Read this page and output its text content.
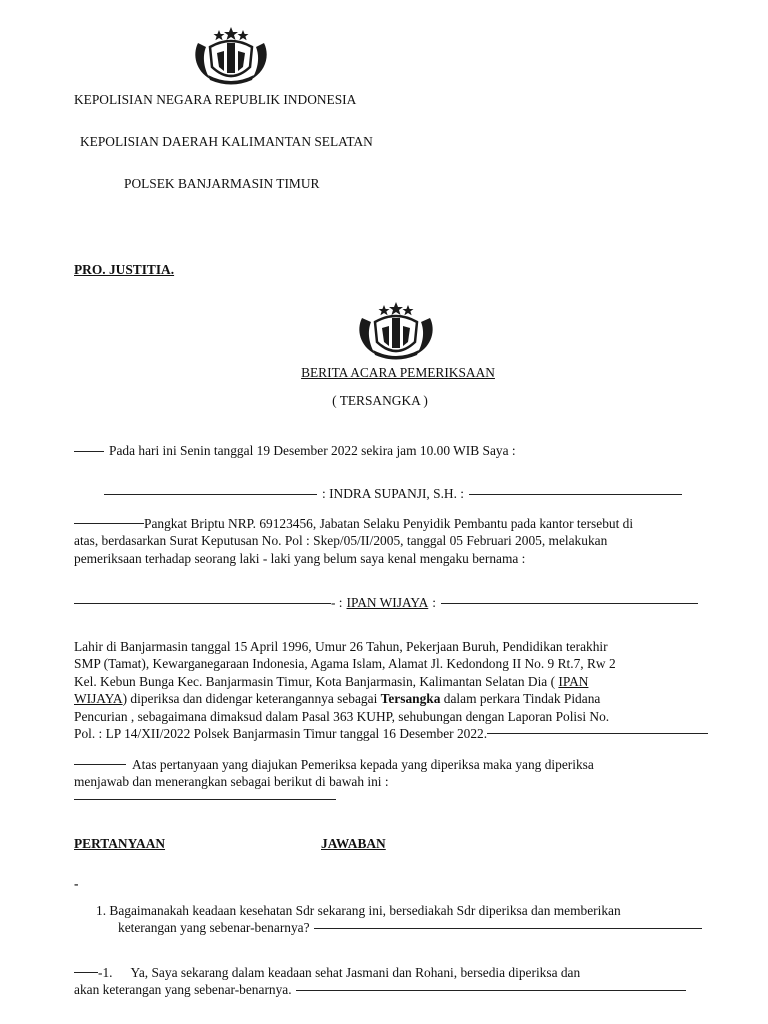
KEPOLISIAN NEGARA REPUBLIK INDONESIA
KEPOLISIAN DAERAH KALIMANTAN SELATAN
POLSEK BANJARMASIN TIMUR
PRO. JUSTITIA.
BERITA ACARA PEMERIKSAAN
( TERSANGKA )
Pada hari ini Senin tanggal 19 Desember 2022 sekira jam 10.00 WIB Saya :
: INDRA SUPANJI, S.H. :
Pangkat Briptu NRP. 69123456, Jabatan Selaku Penyidik Pembantu pada kantor tersebut di
atas, berdasarkan Surat Keputusan No. Pol : Skep/05/II/2005, tanggal 05 Februari 2005, melakukan
pemeriksaan terhadap seorang laki - laki yang belum saya kenal mengaku bernama :
- : IPAN WIJAYA :
Lahir di Banjarmasin tanggal 15 April 1996, Umur 26 Tahun, Pekerjaan Buruh, Pendidikan terakhir
SMP (Tamat), Kewarganegaraan Indonesia, Agama Islam, Alamat Jl. Kedondong II No. 9 Rt.7, Rw 2
Kel. Kebun Bunga Kec. Banjarmasin Timur, Kota Banjarmasin, Kalimantan Selatan Dia ( IPAN
WIJAYA) diperiksa dan didengar keterangannya sebagai Tersangka dalam perkara Tindak Pidana
Pencurian , sebagaimana dimaksud dalam Pasal 363 KUHP, sehubungan dengan Laporan Polisi No.
Pol. : LP 14/XII/2022 Polsek Banjarmasin Timur tanggal 16 Desember 2022.
Atas pertanyaan yang diajukan Pemeriksa kepada yang diperiksa maka yang diperiksa
menjawab dan menerangkan sebagai berikut di bawah ini :
PERTANYAAN	JAWABAN
-
1. Bagaimanakah keadaan kesehatan Sdr sekarang ini, bersediakah Sdr diperiksa dan memberikan
keterangan yang sebenar-benarnya?
-1. Ya, Saya sekarang dalam keadaan sehat Jasmani dan Rohani, bersedia diperiksa dan
akan keterangan yang sebenar-benarnya.
